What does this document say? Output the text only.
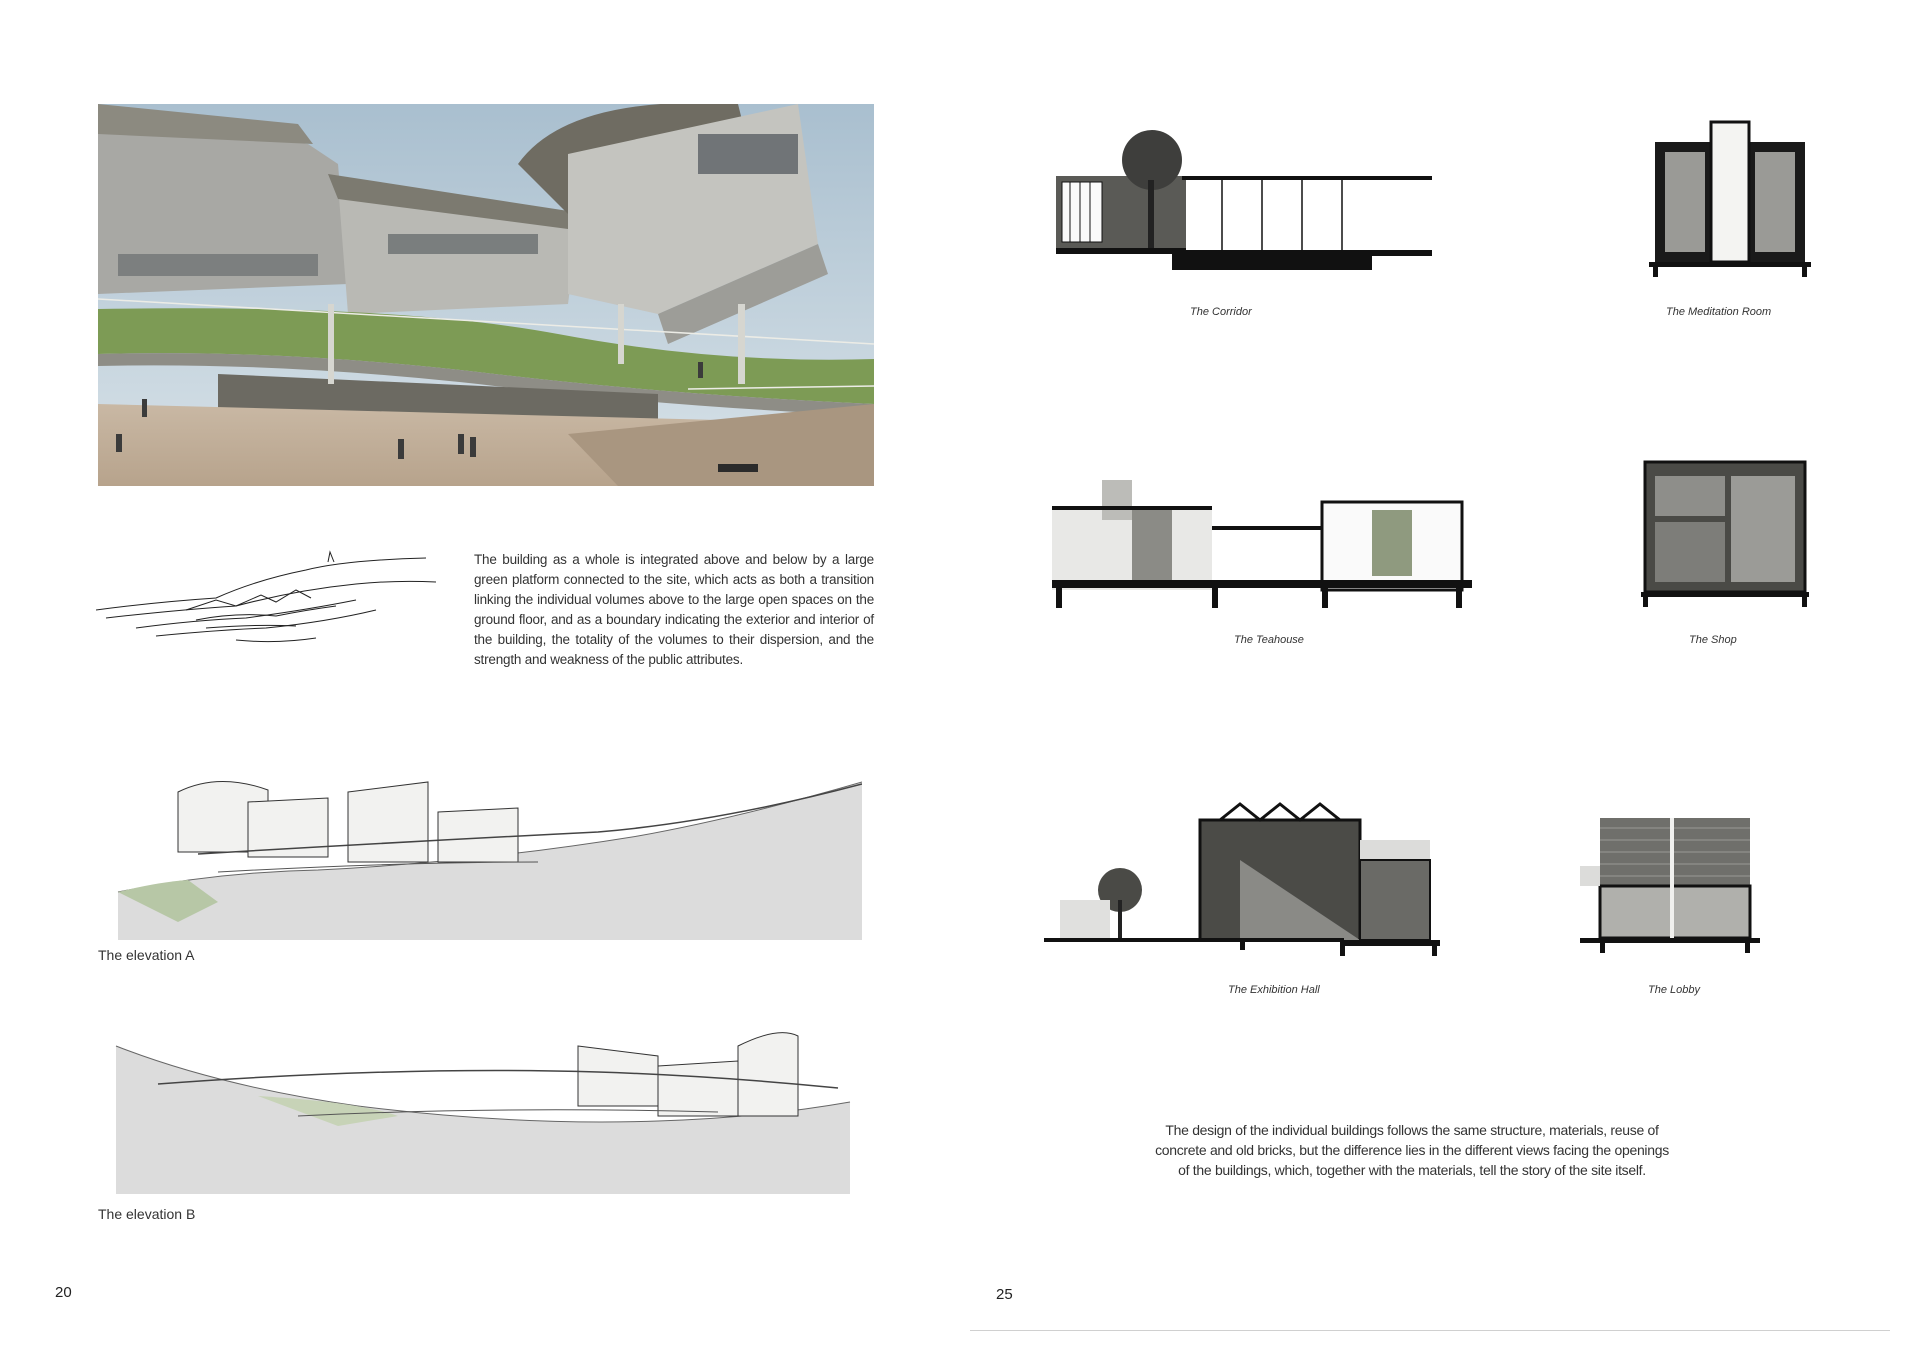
The building as a whole is integrated above and below by a large green platform connected to the site, which acts as both a transition linking the individual volumes above to the large open spaces on the ground floor, and as a boundary indicating the exterior and interior of the building, the totality of the volumes to their dispersion, and the strength and weakness of the public attributes.

The elevation A
The elevation B
20
The Corridor	The Meditation Room
The Teahouse	The Shop
The Exhibition Hall	The Lobby

The design of the individual buildings follows the same structure, materials, reuse of concrete and old bricks, but the difference lies in the different views facing the openings of the buildings, which, together with the materials, tell the story of the site itself.

25
